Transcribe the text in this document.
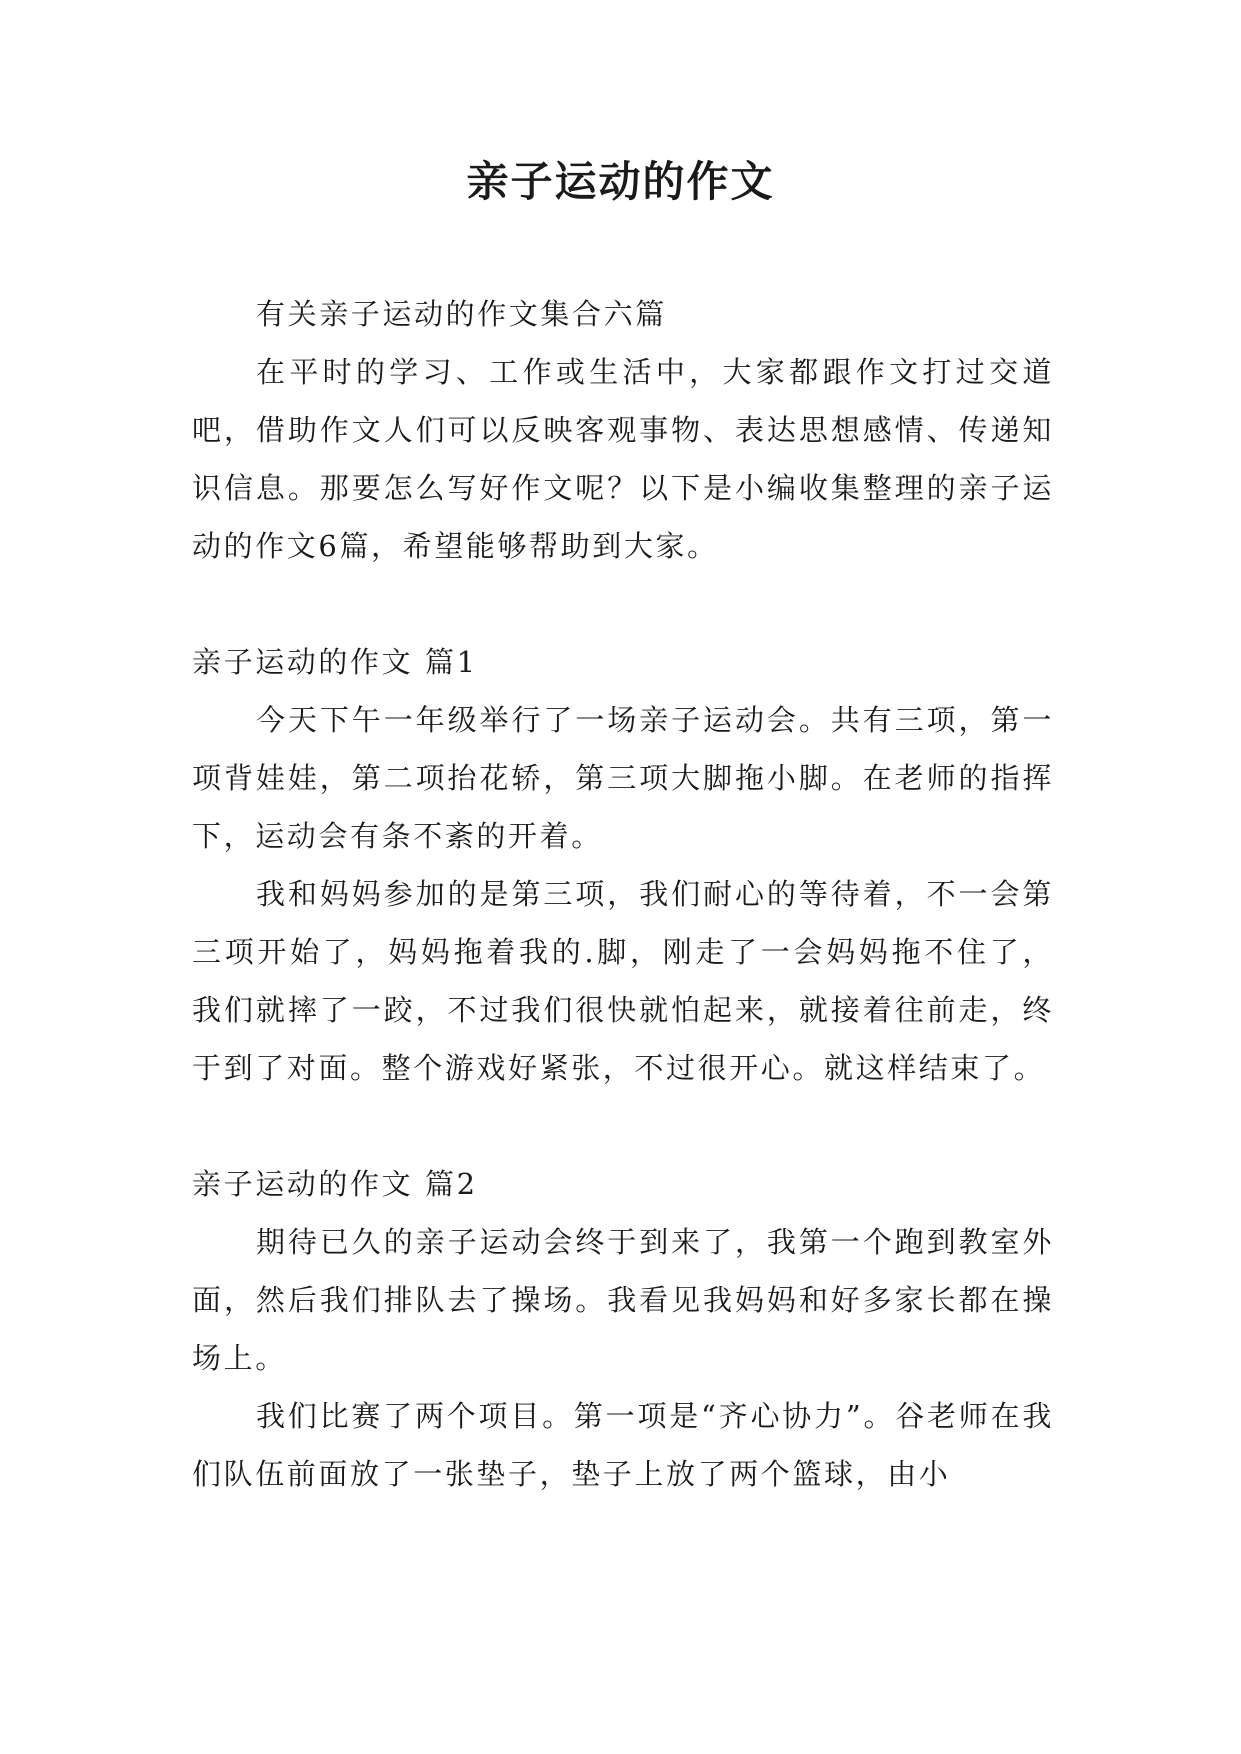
亲子运动的作文

有关亲子运动的作文集合六篇

在平时的学习、工作或生活中，大家都跟作文打过交道吧，借助作文人们可以反映客观事物、表达思想感情、传递知识信息。那要怎么写好作文呢？以下是小编收集整理的亲子运动的作文6篇，希望能够帮助到大家。

亲子运动的作文 篇1

今天下午一年级举行了一场亲子运动会。共有三项，第一项背娃娃，第二项抬花轿，第三项大脚拖小脚。在老师的指挥下，运动会有条不紊的开着。

我和妈妈参加的是第三项，我们耐心的等待着，不一会第三项开始了，妈妈拖着我的.脚，刚走了一会妈妈拖不住了，我们就摔了一跤，不过我们很快就怕起来，就接着往前走，终于到了对面。整个游戏好紧张，不过很开心。就这样结束了。

亲子运动的作文 篇2

期待已久的亲子运动会终于到来了，我第一个跑到教室外面，然后我们排队去了操场。我看见我妈妈和好多家长都在操场上。

我们比赛了两个项目。第一项是“齐心协力”。谷老师在我们队伍前面放了一张垫子，垫子上放了两个篮球，由小
